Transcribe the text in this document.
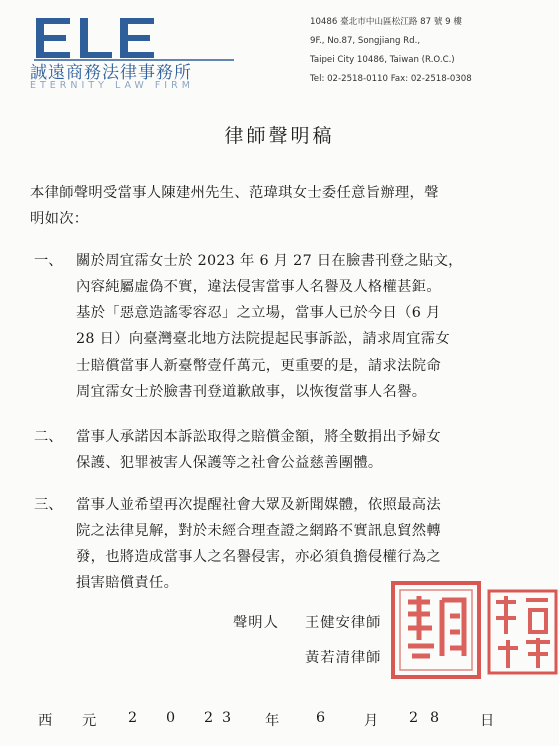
誠遠商務法律事務所
ETERNITY LAW FIRM
10486 臺北市中山區松江路 87 號 9 樓
9F., No.87, Songjiang Rd.,
Taipei City 10486, Taiwan (R.O.C.)
Tel: 02-2518-0110 Fax: 02-2518-0308
律師聲明稿
本律師聲明受當事人陳建州先生、范瑋琪女士委任意旨辦理，聲
明如次：
一、 關於周宜霈女士於 2023 年 6 月 27 日在臉書刊登之貼文，
內容純屬虛偽不實，違法侵害當事人名譽及人格權甚鉅。
基於「惡意造謠零容忍」之立場，當事人已於今日（6 月
28 日）向臺灣臺北地方法院提起民事訴訟，請求周宜霈女
士賠償當事人新臺幣壹仟萬元，更重要的是，請求法院命
周宜霈女士於臉書刊登道歉啟事，以恢復當事人名譽。
二、 當事人承諾因本訴訟取得之賠償金額，將全數捐出予婦女
保護、犯罪被害人保護等之社會公益慈善團體。
三、 當事人並希望再次提醒社會大眾及新聞媒體，依照最高法
院之法律見解，對於未經合理查證之網路不實訊息貿然轉
發，也將造成當事人之名譽侵害，亦必須負擔侵權行為之
損害賠償責任。
聲明人 王健安律師
黃若清律師
西 元 2 0 2 3 年	6	月 2 8	日
